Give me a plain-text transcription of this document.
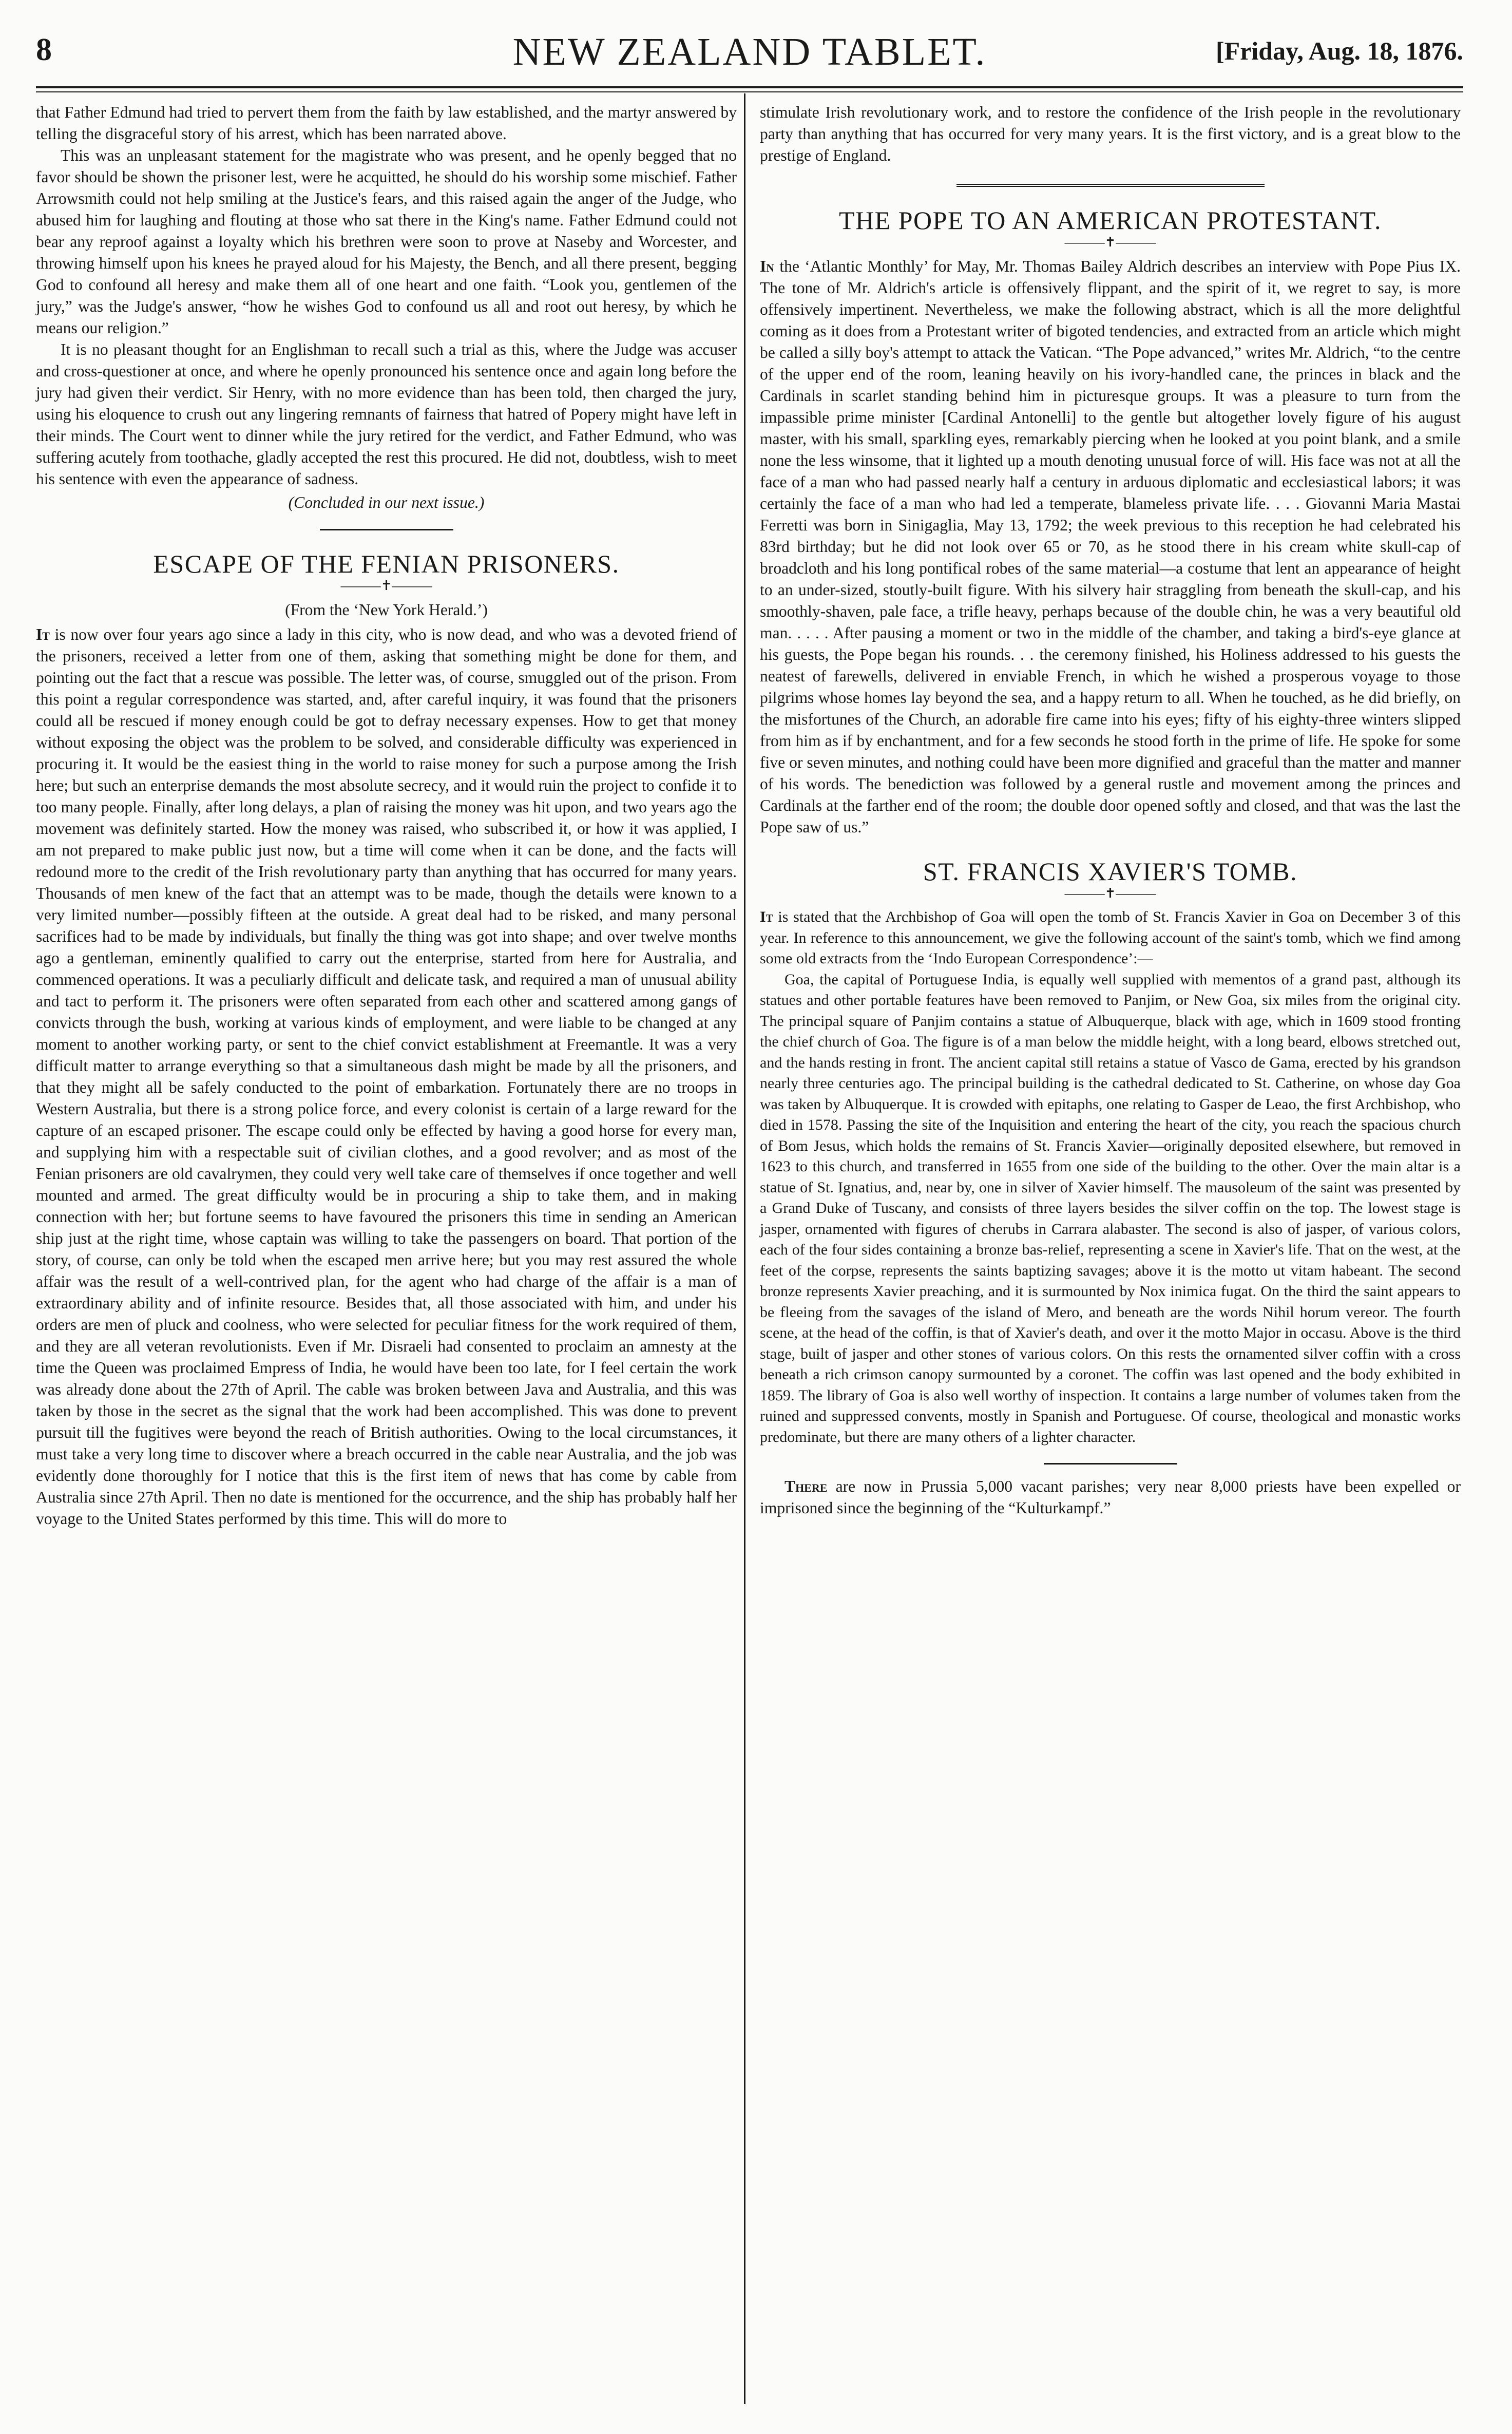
8	NEW ZEALAND TABLET.	[Friday, Aug. 18, 1876.

that Father Edmund had tried to pervert them from the faith by law established, and the martyr answered by telling the disgraceful story of his arrest, which has been narrated above.

This was an unpleasant statement for the magistrate who was present, and he openly begged that no favor should be shown the prisoner lest, were he acquitted, he should do his worship some mischief. Father Arrowsmith could not help smiling at the Justice's fears, and this raised again the anger of the Judge, who abused him for laughing and flouting at those who sat there in the King's name. Father Edmund could not bear any reproof against a loyalty which his brethren were soon to prove at Naseby and Worcester, and throwing himself upon his knees he prayed aloud for his Majesty, the Bench, and all there present, begging God to confound all heresy and make them all of one heart and one faith. “Look you, gentlemen of the jury,” was the Judge's answer, “how he wishes God to confound us all and root out heresy, by which he means our religion.”

It is no pleasant thought for an Englishman to recall such a trial as this, where the Judge was accuser and cross-questioner at once, and where he openly pronounced his sentence once and again long before the jury had given their verdict. Sir Henry, with no more evidence than has been told, then charged the jury, using his eloquence to crush out any lingering remnants of fairness that hatred of Popery might have left in their minds. The Court went to dinner while the jury retired for the verdict, and Father Edmund, who was suffering acutely from toothache, gladly accepted the rest this procured. He did not, doubtless, wish to meet his sentence with even the appearance of sadness.

(Concluded in our next issue.)
ESCAPE OF THE FENIAN PRISONERS.
———✝———
(From the ‘New York Herald.’)

It is now over four years ago since a lady in this city, who is now dead, and who was a devoted friend of the prisoners, received a letter from one of them, asking that something might be done for them, and pointing out the fact that a rescue was possible. The letter was, of course, smuggled out of the prison. From this point a regular correspondence was started, and, after careful inquiry, it was found that the prisoners could all be rescued if money enough could be got to defray necessary expenses. How to get that money without exposing the object was the problem to be solved, and considerable difficulty was experienced in procuring it. It would be the easiest thing in the world to raise money for such a purpose among the Irish here; but such an enterprise demands the most absolute secrecy, and it would ruin the project to confide it to too many people. Finally, after long delays, a plan of raising the money was hit upon, and two years ago the movement was definitely started. How the money was raised, who subscribed it, or how it was applied, I am not prepared to make public just now, but a time will come when it can be done, and the facts will redound more to the credit of the Irish revolutionary party than anything that has occurred for many years. Thousands of men knew of the fact that an attempt was to be made, though the details were known to a very limited number—possibly fifteen at the outside. A great deal had to be risked, and many personal sacrifices had to be made by individuals, but finally the thing was got into shape; and over twelve months ago a gentleman, eminently qualified to carry out the enterprise, started from here for Australia, and commenced operations. It was a peculiarly difficult and delicate task, and required a man of unusual ability and tact to perform it. The prisoners were often separated from each other and scattered among gangs of convicts through the bush, working at various kinds of employment, and were liable to be changed at any moment to another working party, or sent to the chief convict establishment at Freemantle. It was a very difficult matter to arrange everything so that a simultaneous dash might be made by all the prisoners, and that they might all be safely conducted to the point of embarkation. Fortunately there are no troops in Western Australia, but there is a strong police force, and every colonist is certain of a large reward for the capture of an escaped prisoner. The escape could only be effected by having a good horse for every man, and supplying him with a respectable suit of civilian clothes, and a good revolver; and as most of the Fenian prisoners are old cavalrymen, they could very well take care of themselves if once together and well mounted and armed. The great difficulty would be in procuring a ship to take them, and in making connection with her; but fortune seems to have favoured the prisoners this time in sending an American ship just at the right time, whose captain was willing to take the passengers on board. That portion of the story, of course, can only be told when the escaped men arrive here; but you may rest assured the whole affair was the result of a well-contrived plan, for the agent who had charge of the affair is a man of extraordinary ability and of infinite resource. Besides that, all those associated with him, and under his orders are men of pluck and coolness, who were selected for peculiar fitness for the work required of them, and they are all veteran revolutionists. Even if Mr. Disraeli had consented to proclaim an amnesty at the time the Queen was proclaimed Empress of India, he would have been too late, for I feel certain the work was already done about the 27th of April. The cable was broken between Java and Australia, and this was taken by those in the secret as the signal that the work had been accomplished. This was done to prevent pursuit till the fugitives were beyond the reach of British authorities. Owing to the local circumstances, it must take a very long time to discover where a breach occurred in the cable near Australia, and the job was evidently done thoroughly for I notice that this is the first item of news that has come by cable from Australia since 27th April. Then no date is mentioned for the occurrence, and the ship has probably half her voyage to the United States performed by this time. This will do more to

stimulate Irish revolutionary work, and to restore the confidence of the Irish people in the revolutionary party than anything that has occurred for very many years. It is the first victory, and is a great blow to the prestige of England.

THE POPE TO AN AMERICAN PROTESTANT.
———✝———

In the ‘Atlantic Monthly’ for May, Mr. Thomas Bailey Aldrich describes an interview with Pope Pius IX. The tone of Mr. Aldrich's article is offensively flippant, and the spirit of it, we regret to say, is more offensively impertinent. Nevertheless, we make the following abstract, which is all the more delightful coming as it does from a Protestant writer of bigoted tendencies, and extracted from an article which might be called a silly boy's attempt to attack the Vatican. “The Pope advanced,” writes Mr. Aldrich, “to the centre of the upper end of the room, leaning heavily on his ivory-handled cane, the princes in black and the Cardinals in scarlet standing behind him in picturesque groups. It was a pleasure to turn from the impassible prime minister [Cardinal Antonelli] to the gentle but altogether lovely figure of his august master, with his small, sparkling eyes, remarkably piercing when he looked at you point blank, and a smile none the less winsome, that it lighted up a mouth denoting unusual force of will. His face was not at all the face of a man who had passed nearly half a century in arduous diplomatic and ecclesiastical labors; it was certainly the face of a man who had led a temperate, blameless private life. . . . Giovanni Maria Mastai Ferretti was born in Sinigaglia, May 13, 1792; the week previous to this reception he had celebrated his 83rd birthday; but he did not look over 65 or 70, as he stood there in his cream white skull-cap of broadcloth and his long pontifical robes of the same material—a costume that lent an appearance of height to an under-sized, stoutly-built figure. With his silvery hair straggling from beneath the skull-cap, and his smoothly-shaven, pale face, a trifle heavy, perhaps because of the double chin, he was a very beautiful old man. . . . . After pausing a moment or two in the middle of the chamber, and taking a bird's-eye glance at his guests, the Pope began his rounds. . . the ceremony finished, his Holiness addressed to his guests the neatest of farewells, delivered in enviable French, in which he wished a prosperous voyage to those pilgrims whose homes lay beyond the sea, and a happy return to all. When he touched, as he did briefly, on the misfortunes of the Church, an adorable fire came into his eyes; fifty of his eighty-three winters slipped from him as if by enchantment, and for a few seconds he stood forth in the prime of life. He spoke for some five or seven minutes, and nothing could have been more dignified and graceful than the matter and manner of his words. The benediction was followed by a general rustle and movement among the princes and Cardinals at the farther end of the room; the double door opened softly and closed, and that was the last the Pope saw of us.”

ST. FRANCIS XAVIER'S TOMB.
———✝———

It is stated that the Archbishop of Goa will open the tomb of St. Francis Xavier in Goa on December 3 of this year. In reference to this announcement, we give the following account of the saint's tomb, which we find among some old extracts from the ‘Indo European Correspondence’:—

Goa, the capital of Portuguese India, is equally well supplied with mementos of a grand past, although its statues and other portable features have been removed to Panjim, or New Goa, six miles from the original city. The principal square of Panjim contains a statue of Albuquerque, black with age, which in 1609 stood fronting the chief church of Goa. The figure is of a man below the middle height, with a long beard, elbows stretched out, and the hands resting in front. The ancient capital still retains a statue of Vasco de Gama, erected by his grandson nearly three centuries ago. The principal building is the cathedral dedicated to St. Catherine, on whose day Goa was taken by Albuquerque. It is crowded with epitaphs, one relating to Gasper de Leao, the first Archbishop, who died in 1578. Passing the site of the Inquisition and entering the heart of the city, you reach the spacious church of Bom Jesus, which holds the remains of St. Francis Xavier—originally deposited elsewhere, but removed in 1623 to this church, and transferred in 1655 from one side of the building to the other. Over the main altar is a statue of St. Ignatius, and, near by, one in silver of Xavier himself. The mausoleum of the saint was presented by a Grand Duke of Tuscany, and consists of three layers besides the silver coffin on the top. The lowest stage is jasper, ornamented with figures of cherubs in Carrara alabaster. The second is also of jasper, of various colors, each of the four sides containing a bronze bas-relief, representing a scene in Xavier's life. That on the west, at the feet of the corpse, represents the saints baptizing savages; above it is the motto ut vitam habeant. The second bronze represents Xavier preaching, and it is surmounted by Nox inimica fugat. On the third the saint appears to be fleeing from the savages of the island of Mero, and beneath are the words Nihil horum vereor. The fourth scene, at the head of the coffin, is that of Xavier's death, and over it the motto Major in occasu. Above is the third stage, built of jasper and other stones of various colors. On this rests the ornamented silver coffin with a cross beneath a rich crimson canopy surmounted by a coronet. The coffin was last opened and the body exhibited in 1859. The library of Goa is also well worthy of inspection. It contains a large number of volumes taken from the ruined and suppressed convents, mostly in Spanish and Portuguese. Of course, theological and monastic works predominate, but there are many others of a lighter character.

There are now in Prussia 5,000 vacant parishes; very near 8,000 priests have been expelled or imprisoned since the beginning of the “Kulturkampf.”
